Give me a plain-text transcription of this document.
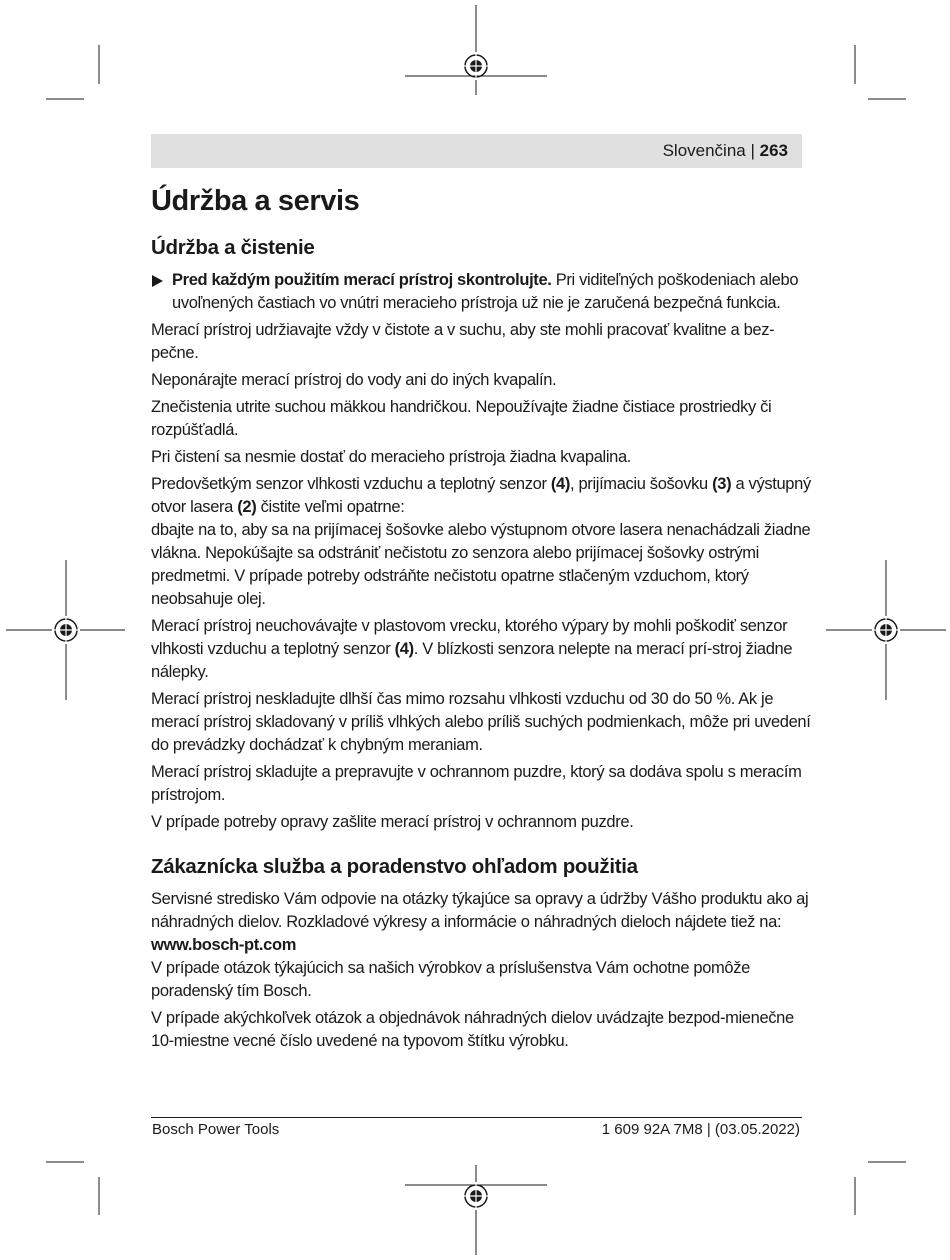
Slovenčina | 263
Údržba a servis
Údržba a čistenie
Pred každým použitím merací prístroj skontrolujte. Pri viditeľných poškodeniach alebo uvoľnených častiach vo vnútri meracieho prístroja už nie je zaručená bezpečná funkcia.

Merací prístroj udržiavajte vždy v čistote a v suchu, aby ste mohli pracovať kvalitne a bez-pečne.

Neponárajte merací prístroj do vody ani do iných kvapalín.

Znečistenia utrite suchou mäkkou handričkou. Nepoužívajte žiadne čistiace prostriedky či rozpúšťadlá.

Pri čistení sa nesmie dostať do meracieho prístroja žiadna kvapalina.

Predovšetkým senzor vlhkosti vzduchu a teplotný senzor (4), prijímaciu šošovku (3) a výstupný otvor lasera (2) čistite veľmi opatrne:

dbajte na to, aby sa na prijímacej šošovke alebo výstupnom otvore lasera nenachádzali žiadne vlákna. Nepokúšajte sa odstrániť nečistotu zo senzora alebo prijímacej šošovky ostrými predmetmi. V prípade potreby odstráňte nečistotu opatrne stlačeným vzduchom, ktorý neobsahuje olej.

Merací prístroj neuchovávajte v plastovom vrecku, ktorého výpary by mohli poškodiť senzor vlhkosti vzduchu a teplotný senzor (4). V blízkosti senzora nelepte na merací prí-stroj žiadne nálepky.

Merací prístroj neskladujte dlhší čas mimo rozsahu vlhkosti vzduchu od 30 do 50 %. Ak je merací prístroj skladovaný v príliš vlhkých alebo príliš suchých podmienkach, môže pri uvedení do prevádzky dochádzať k chybným meraniam.

Merací prístroj skladujte a prepravujte v ochrannom puzdre, ktorý sa dodáva spolu s meracím prístrojom.

V prípade potreby opravy zašlite merací prístroj v ochrannom puzdre.

Zákaznícka služba a poradenstvo ohľadom použitia

Servisné stredisko Vám odpovie na otázky týkajúce sa opravy a údržby Vášho produktu ako aj náhradných dielov. Rozkladové výkresy a informácie o náhradných dieloch nájdete tiež na: www.bosch-pt.com

V prípade otázok týkajúcich sa našich výrobkov a príslušenstva Vám ochotne pomôže poradenský tím Bosch.

V prípade akýchkoľvek otázok a objednávok náhradných dielov uvádzajte bezpod-mienečne 10-miestne vecné číslo uvedené na typovom štítku výrobku.

Bosch Power Tools	1 609 92A 7M8 | (03.05.2022)
